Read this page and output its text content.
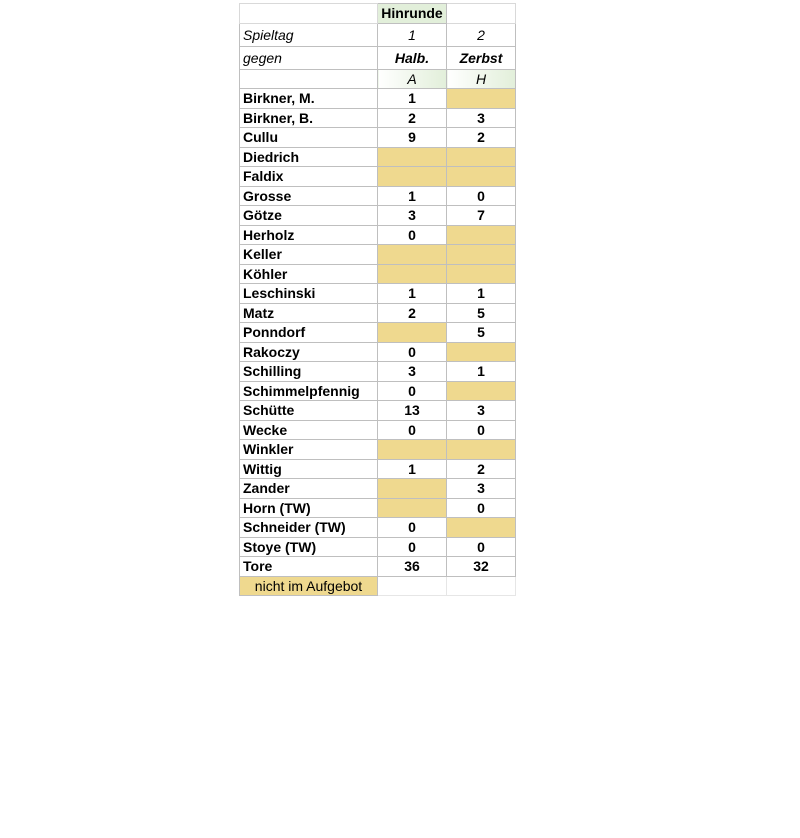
	Hinrunde	
Spieltag	1	2
gegen	Halb.	Zerbst
	A	H
Birkner, M.	1	
Birkner, B.	2	3
Cullu	9	2
Diedrich		
Faldix		
Grosse	1	0
Götze	3	7
Herholz	0	
Keller		
Köhler		
Leschinski	1	1
Matz	2	5
Ponndorf		5
Rakoczy	0	
Schilling	3	1
Schimmelpfennig	0	
Schütte	13	3
Wecke	0	0
Winkler		
Wittig	1	2
Zander		3
Horn (TW)		0
Schneider (TW)	0	
Stoye (TW)	0	0
Tore	36	32
nicht im Aufgebot		
